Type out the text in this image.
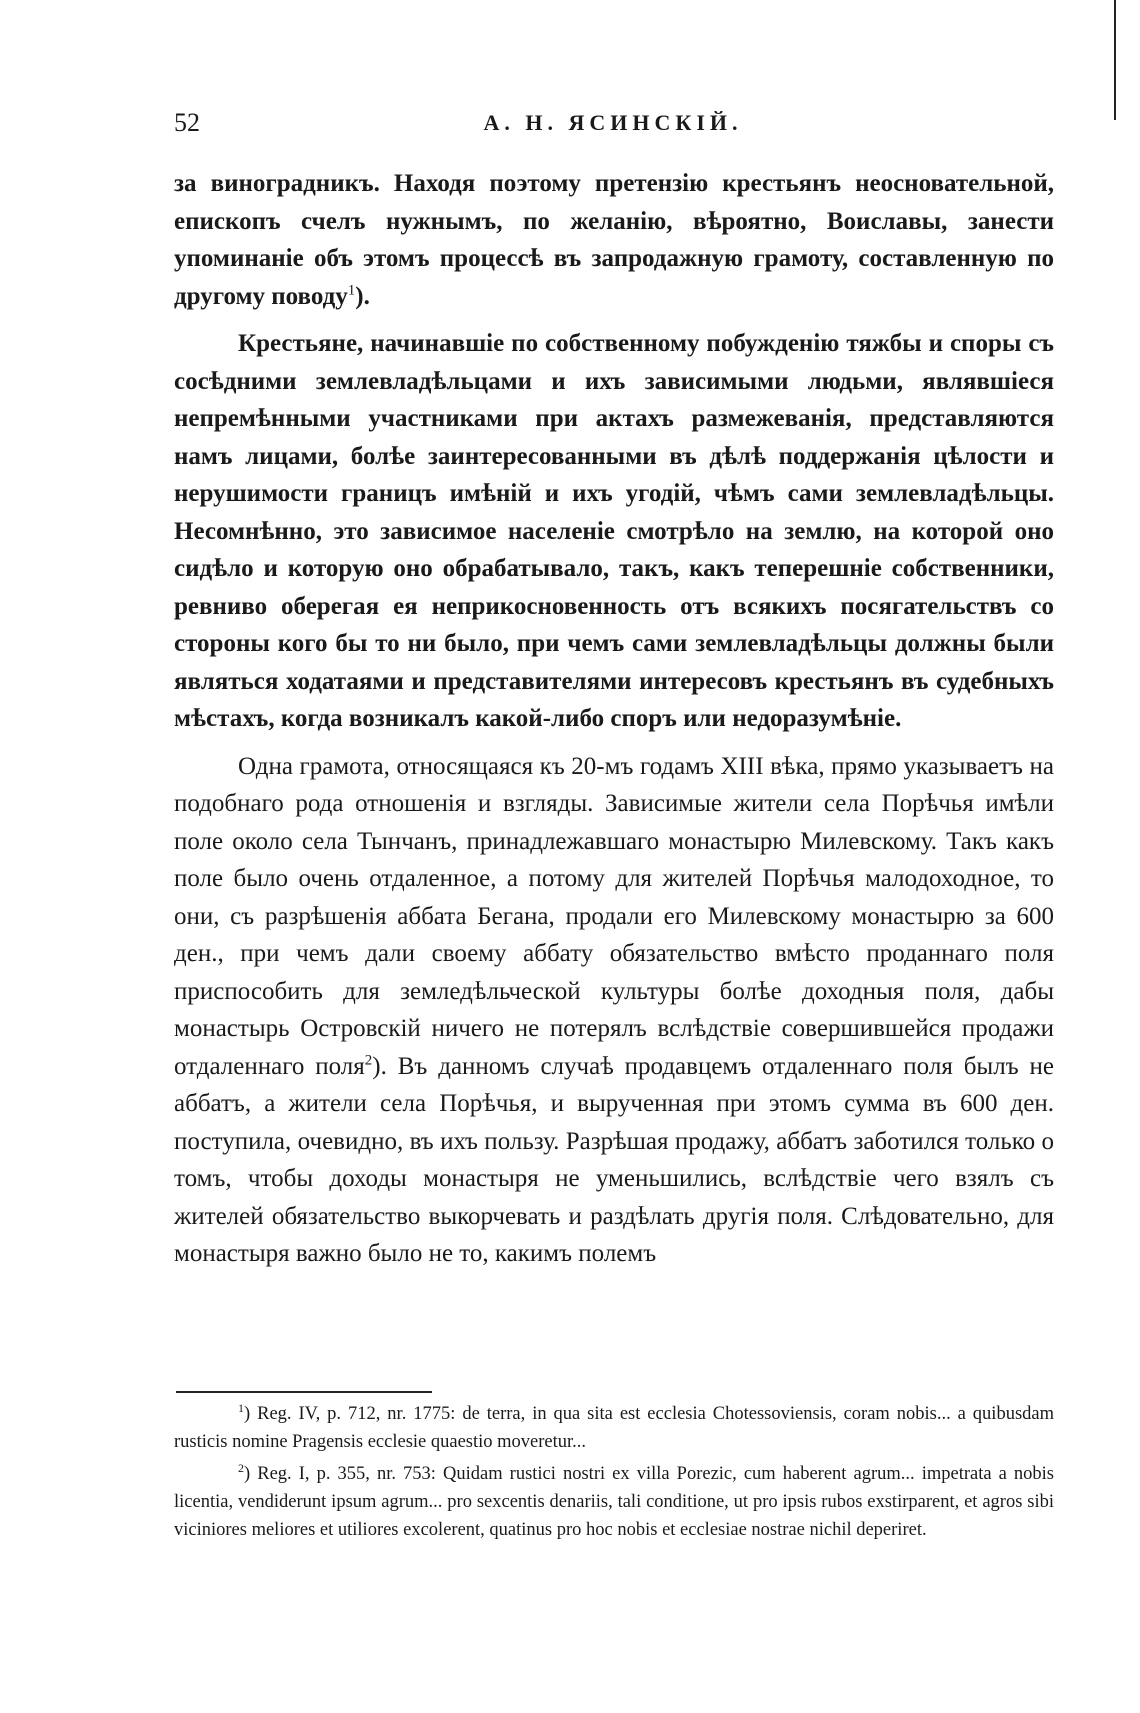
52	А. Н. ЯСИНСКІЙ.

за виноградникъ. Находя поэтому претензію крестьянъ неосновательной, епископъ счелъ нужнымъ, по желанію, вѣроятно, Воиславы, занести упоминаніе объ этомъ процессѣ въ запродажную грамоту, составленную по другому поводу$^1$).

Крестьяне, начинавшіе по собственному побужденію тяжбы и споры съ сосѣдними землевладѣльцами и ихъ зависимыми людьми, являвшіеся непремѣнными участниками при актахъ размежеванія, представляются намъ лицами, болѣе заинтересованными въ дѣлѣ поддержанія цѣлости и нерушимости границъ имѣній и ихъ угодій, чѣмъ сами землевладѣльцы. Несомнѣнно, это зависимое населеніе смотрѣло на землю, на которой оно сидѣло и которую оно обрабатывало, такъ, какъ теперешніе собственники, ревниво оберегая ея неприкосновенность отъ всякихъ посягательствъ со стороны кого бы то ни было, при чемъ сами землевладѣльцы должны были являться ходатаями и представителями интересовъ крестьянъ въ судебныхъ мѣстахъ, когда возникалъ какой-либо споръ или недоразумѣніе.

Одна грамота, относящаяся къ 20-мъ годамъ XIII вѣка, прямо указываетъ на подобнаго рода отношенія и взгляды. Зависимые жители села Порѣчья имѣли поле около села Тынчанъ, принадлежавшаго монастырю Милевскому. Такъ какъ поле было очень отдаленное, а потому для жителей Порѣчья малодоходное, то они, съ разрѣшенія аббата Бегана, продали его Милевскому монастырю за 600 ден., при чемъ дали своему аббату обязательство вмѣсто проданнаго поля приспособить для земледѣльческой культуры болѣе доходныя поля, дабы монастырь Островскій ничего не потерялъ вслѣдствіе совершившейся продажи отдаленнаго поля$^2$). Въ данномъ случаѣ продавцемъ отдаленнаго поля былъ не аббатъ, а жители села Порѣчья, и вырученная при этомъ сумма въ 600 ден. поступила, очевидно, въ ихъ пользу. Разрѣшая продажу, аббатъ заботился только о томъ, чтобы доходы монастыря не уменьшились, вслѣдствіе чего взялъ съ жителей обязательство выкорчевать и раздѣлать другія поля. Слѣдовательно, для монастыря важно было не то, какимъ полемъ

$^1$) Reg. IV, p. 712, nr. 1775: de terra, in qua sita est ecclesia Chotessoviensis, coram nobis... a quibusdam rusticis nomine Pragensis ecclesie quaestio moveretur...

$^2$) Reg. I, p. 355, nr. 753: Quidam rustici nostri ex villa Porezic, cum haberent agrum... impetrata a nobis licentia, vendiderunt ipsum agrum... pro sexcentis denariis, tali conditione, ut pro ipsis rubos exstirparent, et agros sibi viciniores meliores et utiliores excolerent, quatinus pro hoc nobis et ecclesiae nostrae nichil deperiret.
